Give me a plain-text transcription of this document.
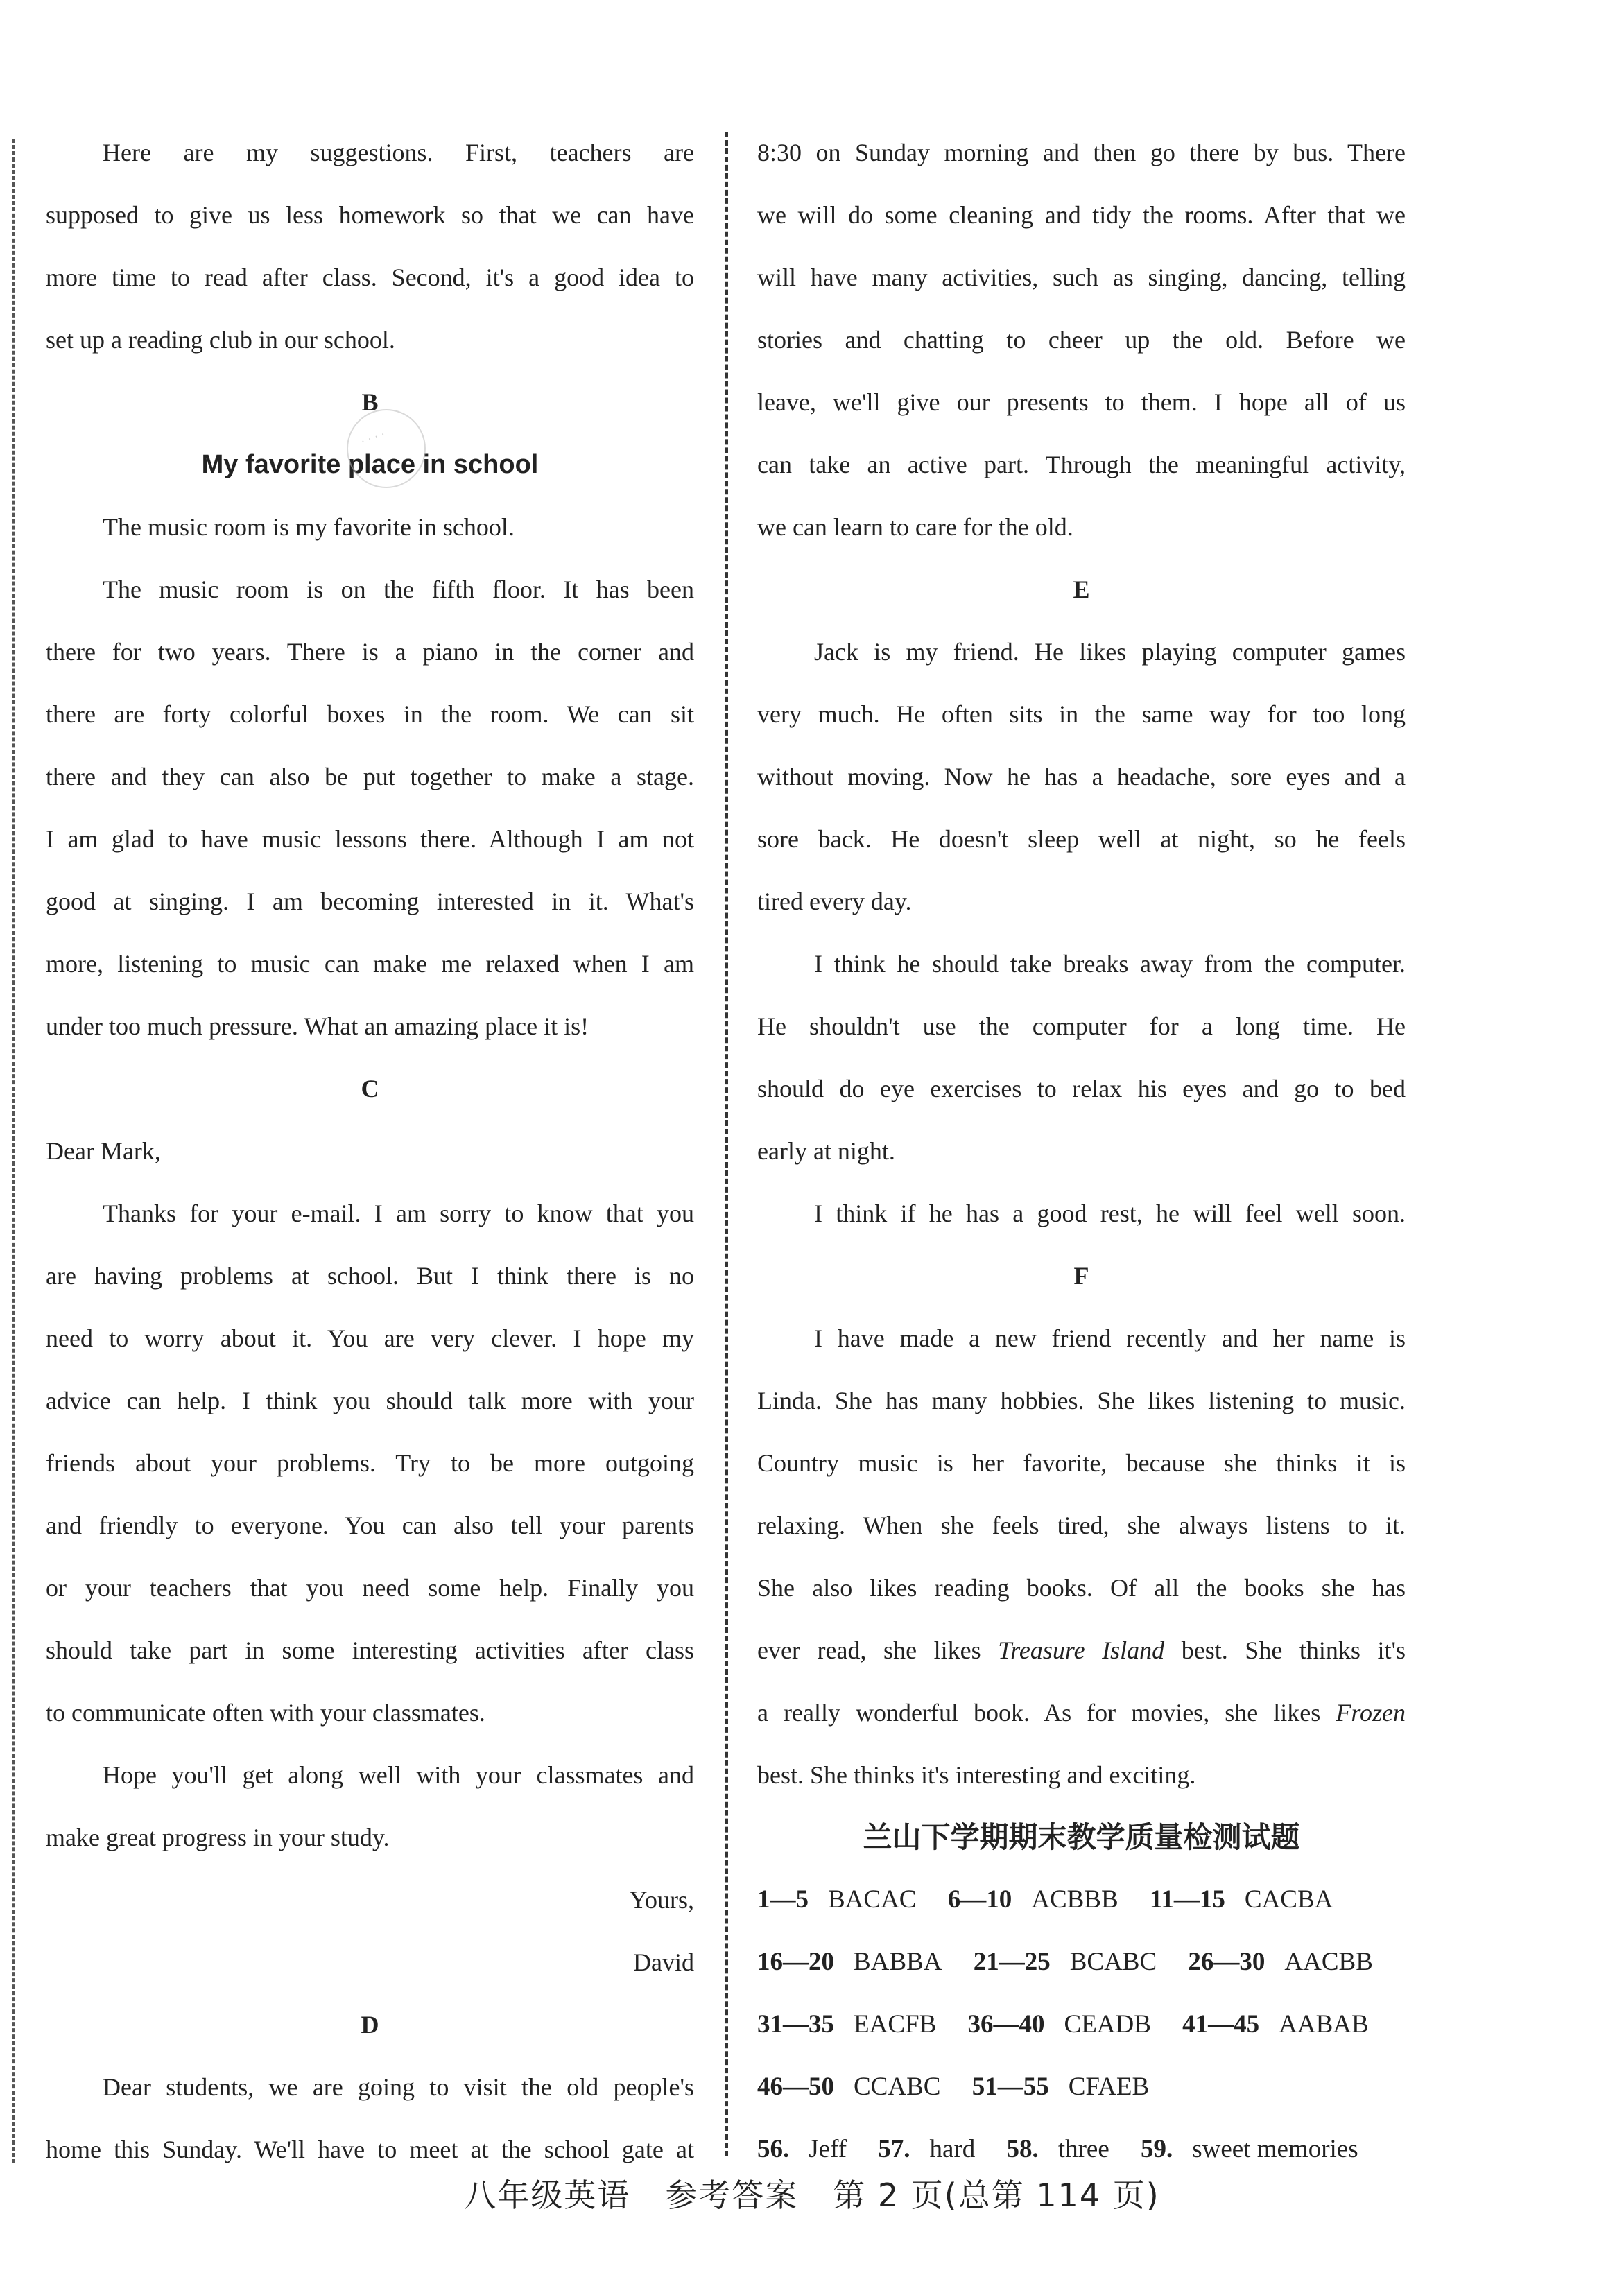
Here are my suggestions. First, teachers are

supposed to give us less homework so that we can have

more time to read after class. Second, it's a good idea to

set up a reading club in our school.

B

My favorite place in school

The music room is my favorite in school.

The music room is on the fifth floor. It has been

there for two years. There is a piano in the corner and

there are forty colorful boxes in the room. We can sit

there and they can also be put together to make a stage.

I am glad to have music lessons there. Although I am not

good at singing. I am becoming interested in it. What's

more, listening to music can make me relaxed when I am

under too much pressure. What an amazing place it is!

C

Dear Mark,

Thanks for your e-mail. I am sorry to know that you

are having problems at school. But I think there is no

need to worry about it. You are very clever. I hope my

advice can help. I think you should talk more with your

friends about your problems. Try to be more outgoing

and friendly to everyone. You can also tell your parents

or your teachers that you need some help. Finally you

should take part in some interesting activities after class

to communicate often with your classmates.

Hope you'll get along well with your classmates and

make great progress in your study.

Yours,

David

D

Dear students, we are going to visit the old people's

home this Sunday. We'll have to meet at the school gate at

· · · ·

8:30 on Sunday morning and then go there by bus. There

we will do some cleaning and tidy the rooms. After that we

will have many activities, such as singing, dancing, telling

stories and chatting to cheer up the old. Before we

leave, we'll give our presents to them. I hope all of us

can take an active part. Through the meaningful activity,

we can learn to care for the old.

E

Jack is my friend. He likes playing computer games

very much. He often sits in the same way for too long

without moving. Now he has a headache, sore eyes and a

sore back. He doesn't sleep well at night, so he feels

tired every day.

I think he should take breaks away from the computer.

He shouldn't use the computer for a long time. He

should do eye exercises to relax his eyes and go to bed

early at night.

I think if he has a good rest, he will feel well soon.

F

I have made a new friend recently and her name is

Linda. She has many hobbies. She likes listening to music.

Country music is her favorite, because she thinks it is

relaxing. When she feels tired, she always listens to it.

She also likes reading books. Of all the books she has

ever read, she likes Treasure Island best. She thinks it's

a really wonderful book. As for movies, she likes Frozen

best. She thinks it's interesting and exciting.

兰山下学期期末教学质量检测试题

1—5 BACAC 6—10 ACBBB 11—15 CACBA
16—20 BABBA 21—25 BCABC 26—30 AACBB
31—35 EACFB 36—40 CEADB 41—45 AABAB
46—50 CCABC 51—55 CFAEB
56. Jeff 57. hard 58. three 59. sweet memories
八年级英语 参考答案 第 2 页(总第 114 页)
